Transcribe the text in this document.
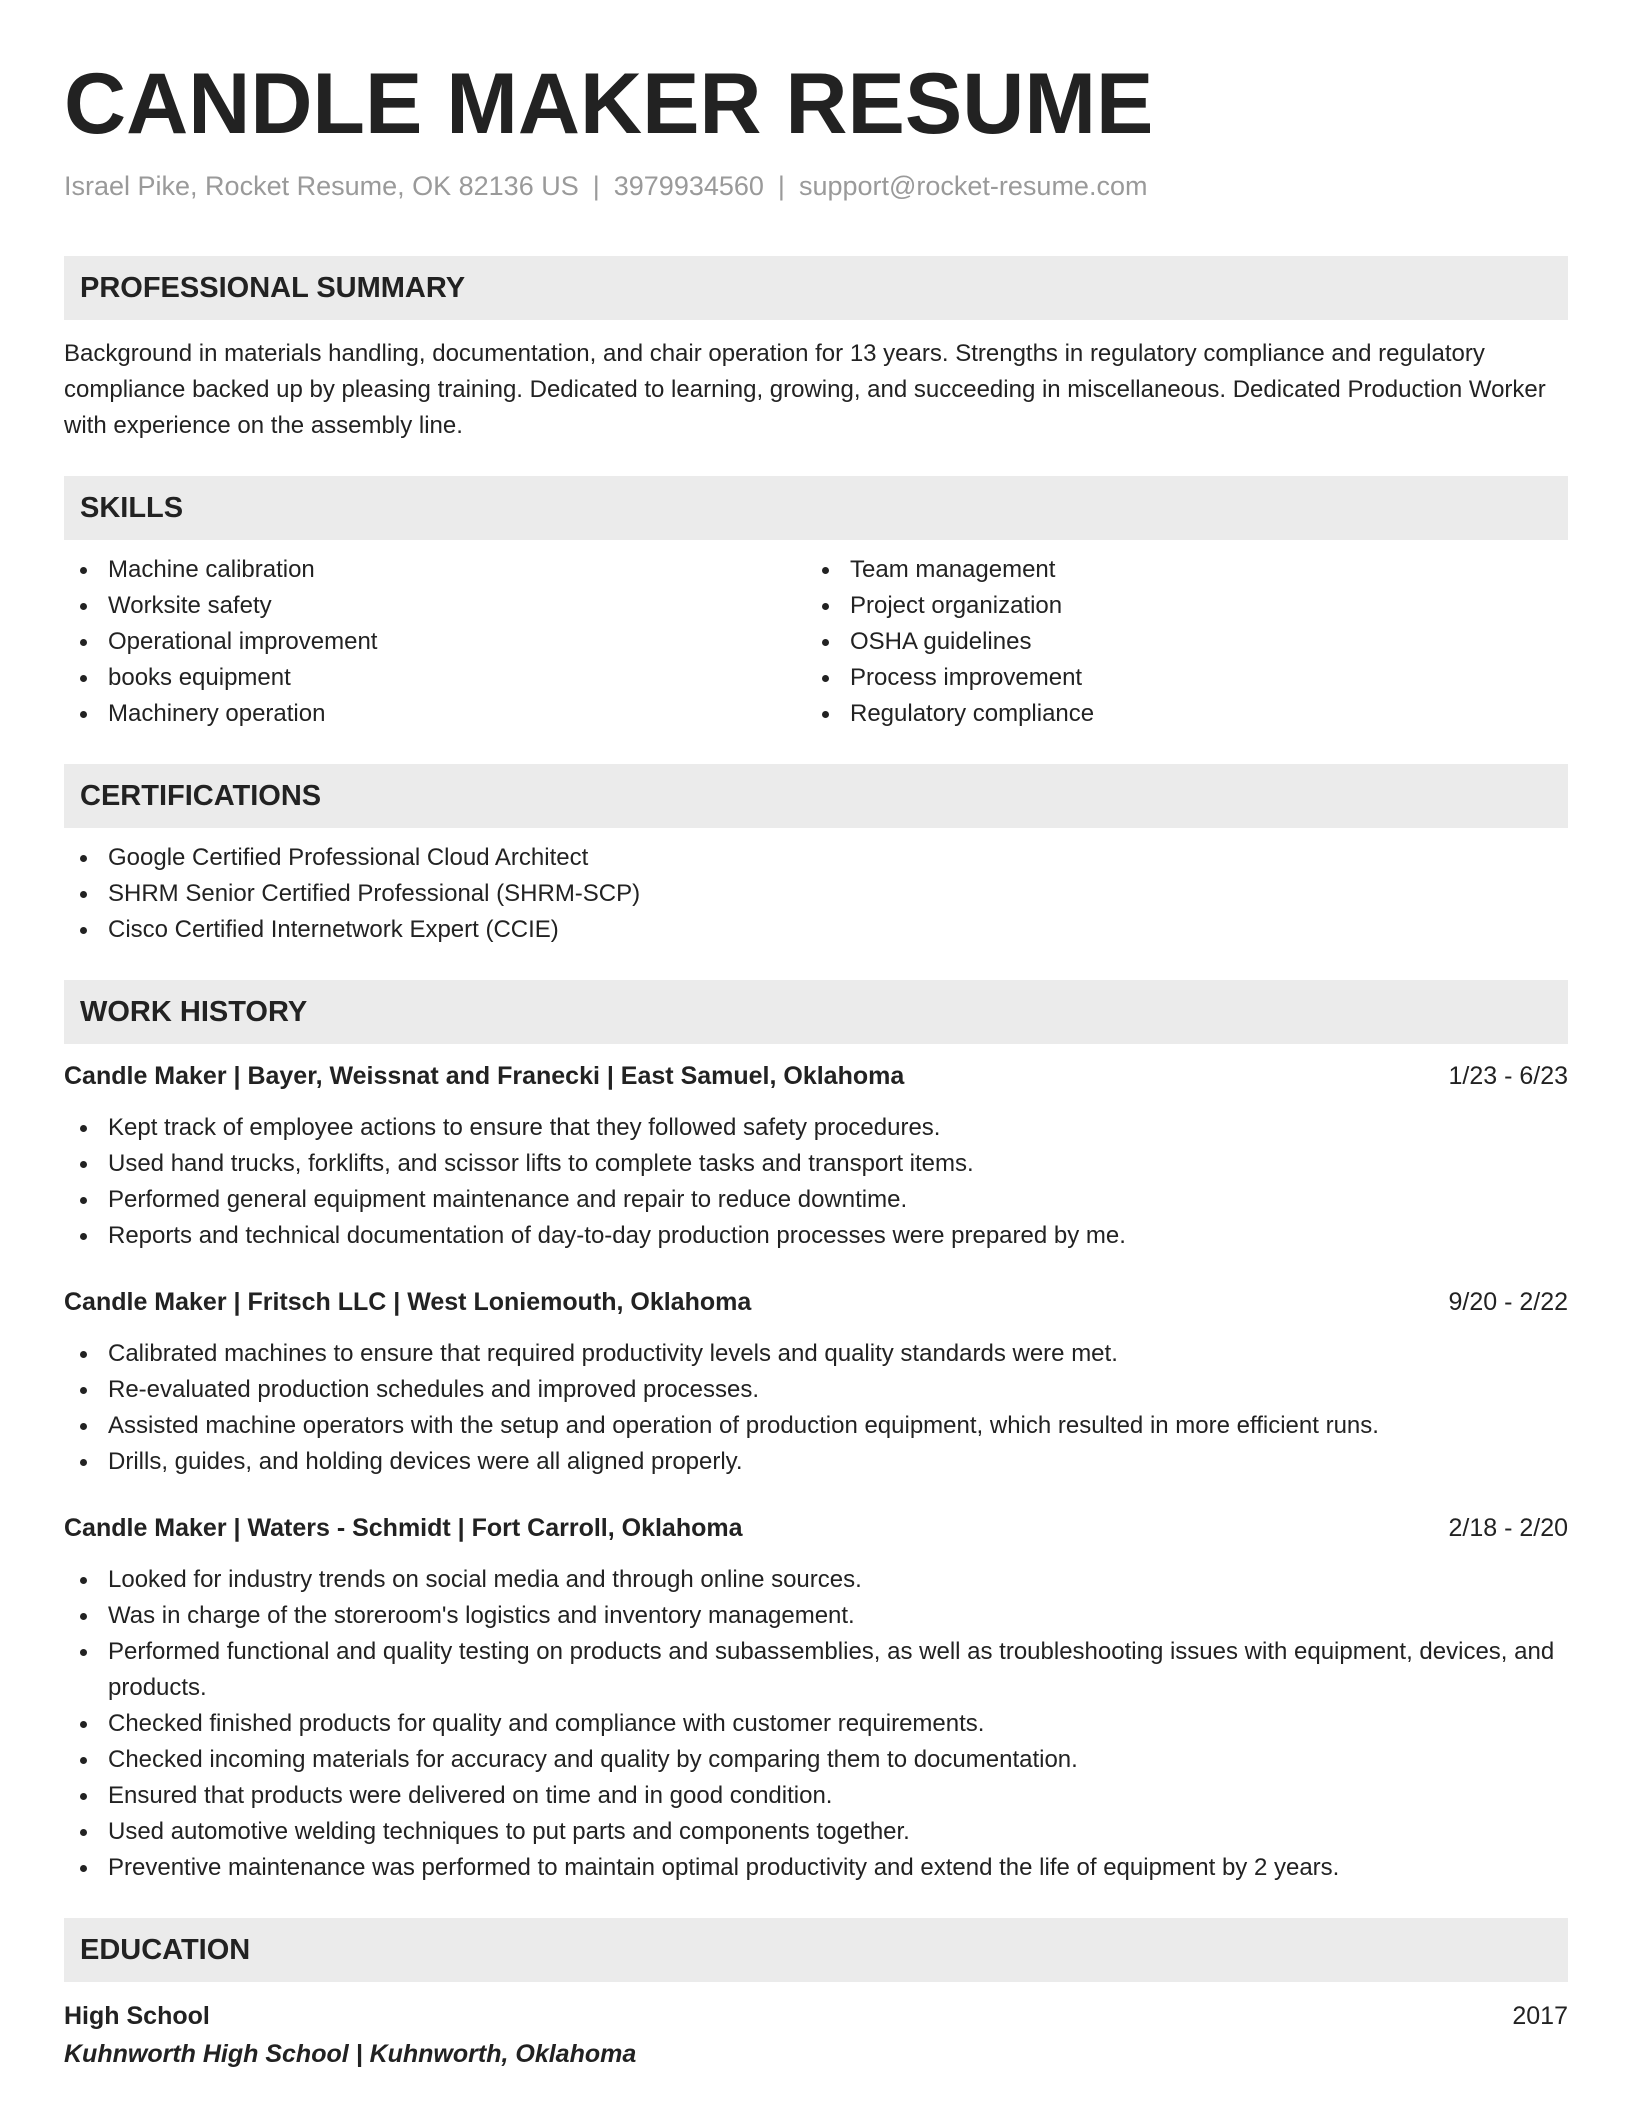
CANDLE MAKER RESUME
Israel Pike, Rocket Resume, OK 82136 US | 3979934560 | support@rocket-resume.com
PROFESSIONAL SUMMARY
Background in materials handling, documentation, and chair operation for 13 years. Strengths in regulatory compliance and regulatory compliance backed up by pleasing training. Dedicated to learning, growing, and succeeding in miscellaneous. Dedicated Production Worker with experience on the assembly line.
SKILLS
Machine calibration
Worksite safety
Operational improvement
books equipment
Machinery operation
Team management
Project organization
OSHA guidelines
Process improvement
Regulatory compliance
CERTIFICATIONS
Google Certified Professional Cloud Architect
SHRM Senior Certified Professional (SHRM-SCP)
Cisco Certified Internetwork Expert (CCIE)
WORK HISTORY
Candle Maker | Bayer, Weissnat and Franecki | East Samuel, Oklahoma	1/23 - 6/23
Kept track of employee actions to ensure that they followed safety procedures.
Used hand trucks, forklifts, and scissor lifts to complete tasks and transport items.
Performed general equipment maintenance and repair to reduce downtime.
Reports and technical documentation of day-to-day production processes were prepared by me.
Candle Maker | Fritsch LLC | West Loniemouth, Oklahoma	9/20 - 2/22
Calibrated machines to ensure that required productivity levels and quality standards were met.
Re-evaluated production schedules and improved processes.
Assisted machine operators with the setup and operation of production equipment, which resulted in more efficient runs.
Drills, guides, and holding devices were all aligned properly.
Candle Maker | Waters - Schmidt | Fort Carroll, Oklahoma	2/18 - 2/20
Looked for industry trends on social media and through online sources.
Was in charge of the storeroom's logistics and inventory management.
Performed functional and quality testing on products and subassemblies, as well as troubleshooting issues with equipment, devices, and products.
Checked finished products for quality and compliance with customer requirements.
Checked incoming materials for accuracy and quality by comparing them to documentation.
Ensured that products were delivered on time and in good condition.
Used automotive welding techniques to put parts and components together.
Preventive maintenance was performed to maintain optimal productivity and extend the life of equipment by 2 years.
EDUCATION
High School	2017
Kuhnworth High School | Kuhnworth, Oklahoma
